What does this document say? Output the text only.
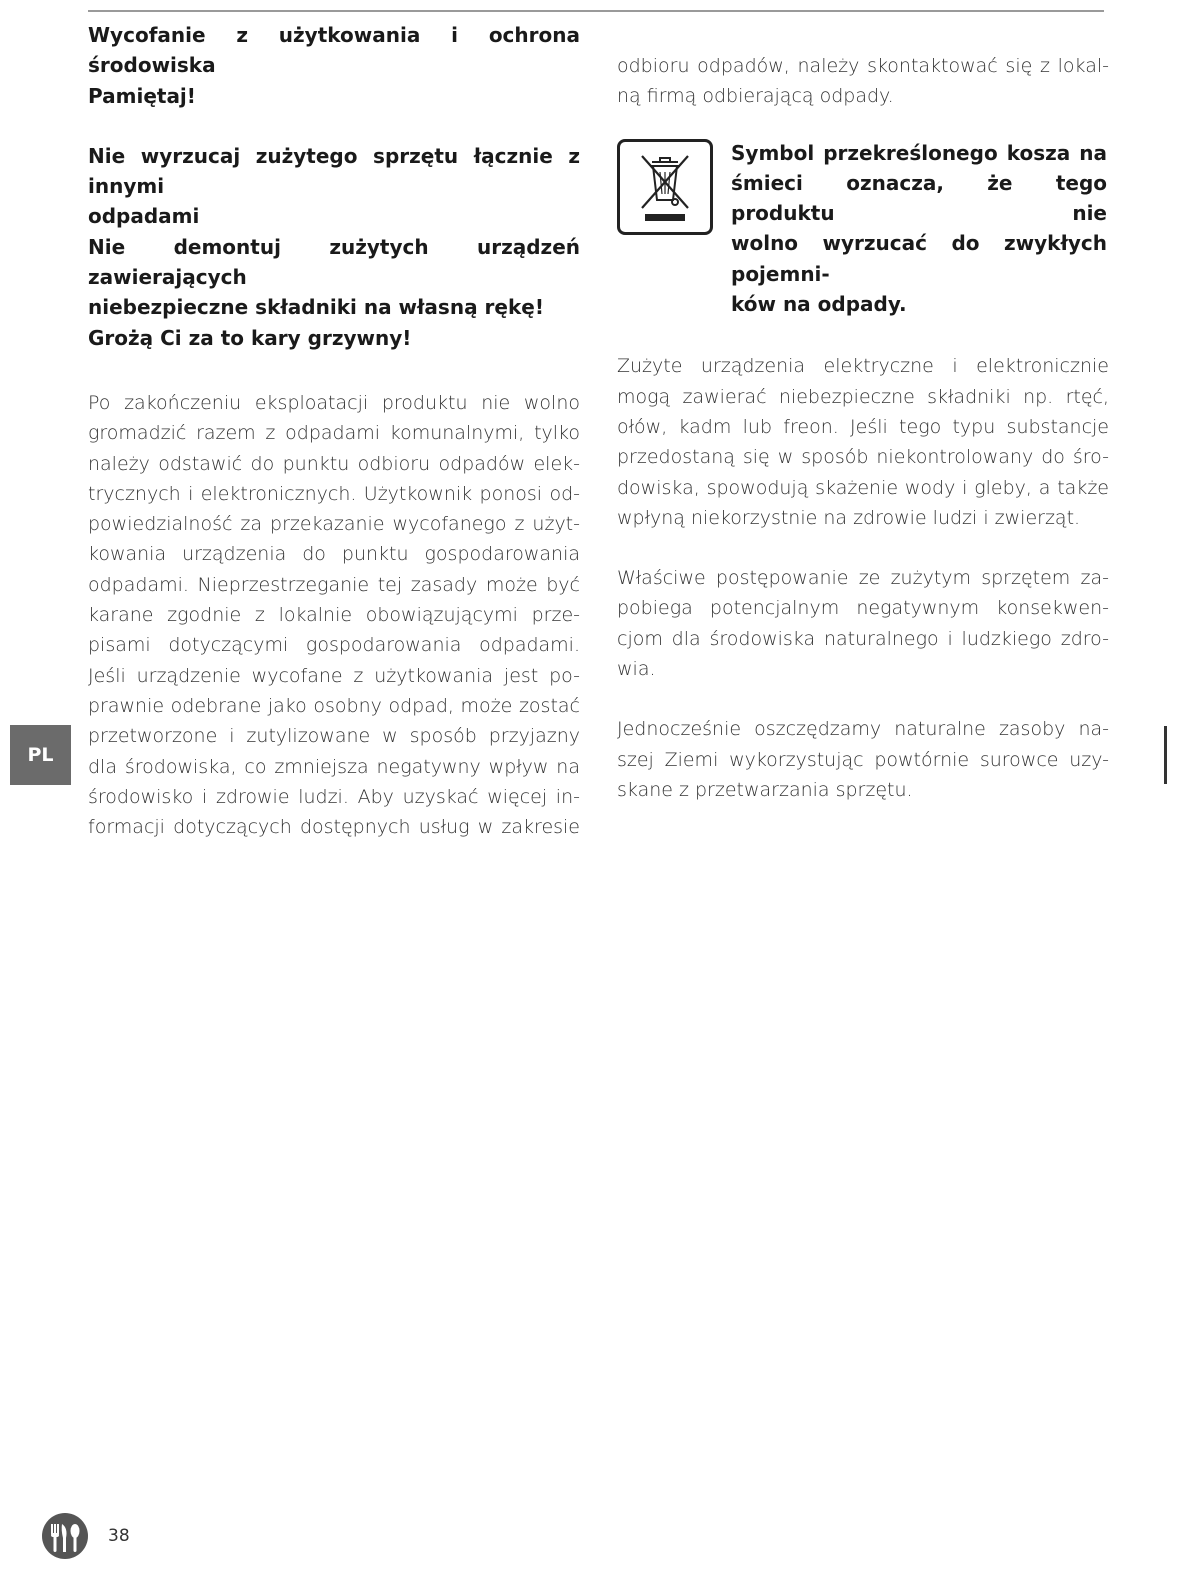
Wycofanie z użytkowania i ochrona środowiska
Pamiętaj!
Nie wyrzucaj zużytego sprzętu łącznie z innymi
odpadami
Nie demontuj zużytych urządzeń zawierających
niebezpieczne składniki na własną rękę!
Grożą Ci za to kary grzywny!
Po zakończeniu eksploatacji produktu nie wolno
gromadzić razem z odpadami komunalnymi, tylko
należy odstawić do punktu odbioru odpadów elek-
trycznych i elektronicznych. Użytkownik ponosi od-
powiedzialność za przekazanie wycofanego z użyt-
kowania urządzenia do punktu gospodarowania
odpadami. Nieprzestrzeganie tej zasady może być
karane zgodnie z lokalnie obowiązującymi prze-
pisami dotyczącymi gospodarowania odpadami.
Jeśli urządzenie wycofane z użytkowania jest po-
prawnie odebrane jako osobny odpad, może zostać
przetworzone i zutylizowane w sposób przyjazny
dla środowiska, co zmniejsza negatywny wpływ na
środowisko i zdrowie ludzi. Aby uzyskać więcej in-
formacji dotyczących dostępnych usług w zakresie
odbioru odpadów, należy skontaktować się z lokal-
ną firmą odbierającą odpady.
Symbol przekreślonego kosza na
śmieci oznacza, że tego produktu nie
wolno wyrzucać do zwykłych pojemni-
ków na odpady.
Zużyte urządzenia elektryczne i elektronicznie
mogą zawierać niebezpieczne składniki np. rtęć,
ołów, kadm lub freon. Jeśli tego typu substancje
przedostaną się w sposób niekontrolowany do śro-
dowiska, spowodują skażenie wody i gleby, a także
wpłyną niekorzystnie na zdrowie ludzi i zwierząt.
Właściwe postępowanie ze zużytym sprzętem za-
pobiega potencjalnym negatywnym konsekwen-
cjom dla środowiska naturalnego i ludzkiego zdro-
wia.
Jednocześnie oszczędzamy naturalne zasoby na-
szej Ziemi wykorzystując powtórnie surowce uzy-
skane z przetwarzania sprzętu.
PL
38
